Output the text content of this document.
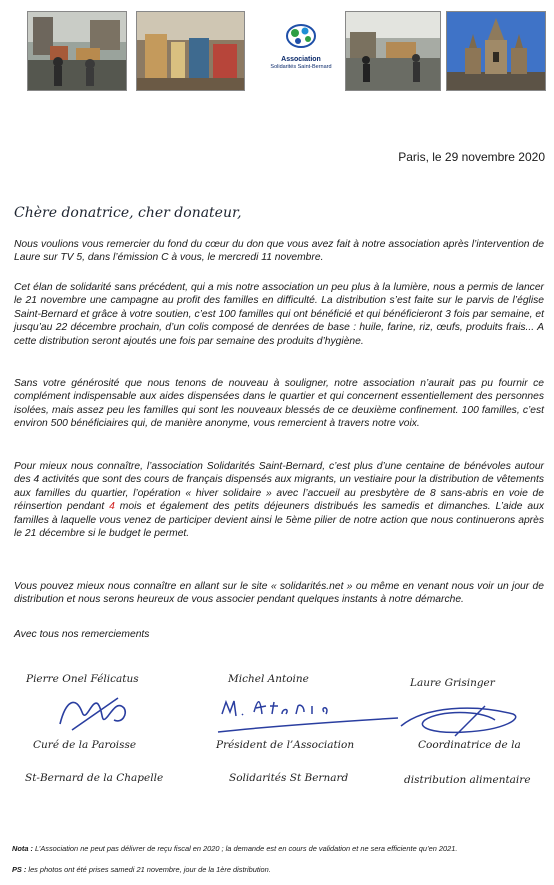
Association
Solidarités Saint-Bernard
Paris, le 29 novembre 2020
Chère donatrice, cher donateur,

Nous voulions vous remercier du fond du cœur du don que vous avez fait à notre association après l’intervention de Laure sur TV 5, dans l’émission C à vous, le mercredi 11 novembre.

Cet élan de solidarité sans précédent, qui a mis notre association un peu plus à la lumière, nous a permis de lancer le 21 novembre une campagne au profit des familles en difficulté. La distribution s’est faite sur le parvis de l’église Saint-Bernard et grâce à votre soutien, c’est 100 familles qui ont bénéficié et qui bénéficieront 3 fois par semaine, et jusqu’au 22 décembre prochain, d’un colis composé de denrées de base : huile, farine, riz, œufs, produits frais... A cette distribution seront ajoutés une fois par semaine des produits d’hygiène.

Sans votre générosité que nous tenons de nouveau à souligner, notre association n’aurait pas pu fournir ce complément indispensable aux aides dispensées dans le quartier et qui concernent essentiellement des personnes isolées, mais assez peu les familles qui sont les nouveaux blessés de ce deuxième confinement. 100 familles, c’est environ 500 bénéficiaires qui, de manière anonyme, vous remercient à travers notre voix.

Pour mieux nous connaître, l’association Solidarités Saint-Bernard, c’est plus d’une centaine de bénévoles autour des 4 activités que sont des cours de français dispensés aux migrants, un vestiaire pour la distribution de vêtements aux familles du quartier, l’opération « hiver solidaire » avec l’accueil au presbytère de 8 sans-abris en voie de réinsertion pendant 4 mois et également des petits déjeuners distribués les samedis et dimanches. L’aide aux familles à laquelle vous venez de participer devient ainsi le 5ème pilier de notre action que nous continuerons après le 21 décembre si le budget le permet.

Vous pouvez mieux nous connaître en allant sur le site « solidarités.net » ou même en venant nous voir un jour de distribution et nous serons heureux de vous associer pendant quelques instants à notre démarche.

Avec tous nos remerciements

Pierre Onel Félicatus	Michel Antoine	Laure Grisinger
Curé de la Paroisse	Président de l’Association	Coordinatrice de la
St-Bernard de la Chapelle	Solidarités St Bernard	distribution alimentaire
Nota : L’Association ne peut pas délivrer de reçu fiscal en 2020 ; la demande est en cours de validation et ne sera efficiente qu’en 2021.
PS : les photos ont été prises samedi 21 novembre, jour de la 1ère distribution.
